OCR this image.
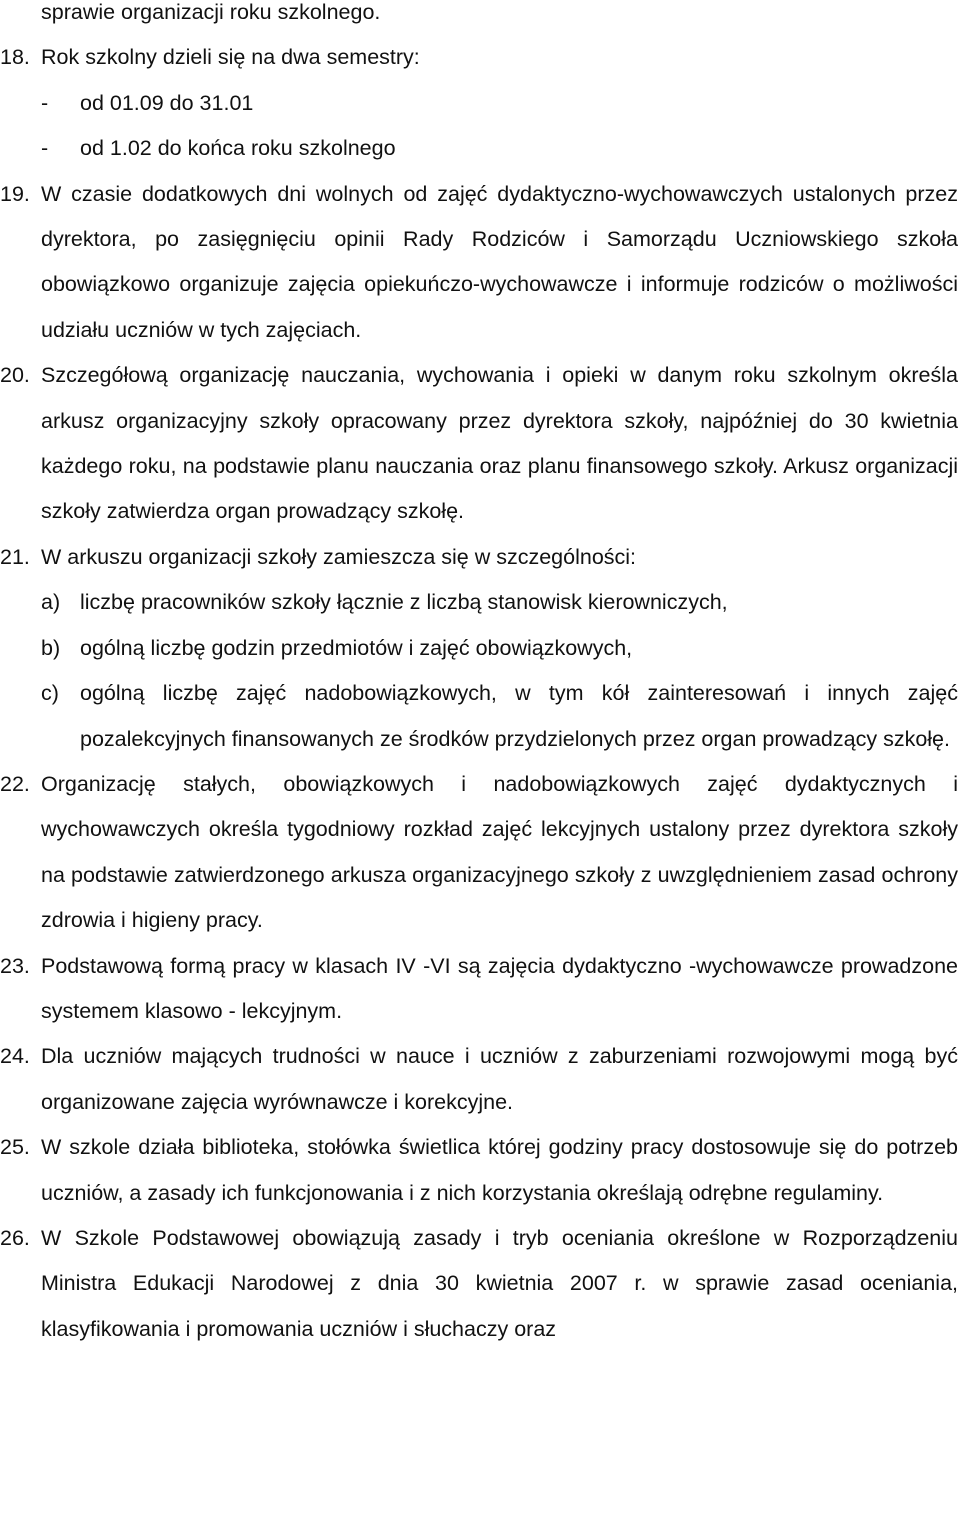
sprawie organizacji roku szkolnego.
18. Rok szkolny dzieli się na dwa semestry:
- od 01.09 do 31.01
- od 1.02 do końca roku szkolnego
19. W czasie dodatkowych dni wolnych od zajęć dydaktyczno-wychowawczych ustalonych przez dyrektora, po zasięgnięciu opinii Rady Rodziców i Samorządu Uczniowskiego szkoła obowiązkowo organizuje zajęcia opiekuńczo-wychowawcze i informuje rodziców o możliwości udziału uczniów w tych zajęciach.
20. Szczegółową organizację nauczania, wychowania i opieki w danym roku szkolnym określa arkusz organizacyjny szkoły opracowany przez dyrektora szkoły, najpóźniej do 30 kwietnia każdego roku, na podstawie planu nauczania oraz planu finansowego szkoły. Arkusz organizacji szkoły zatwierdza organ prowadzący szkołę.
21. W arkuszu organizacji szkoły zamieszcza się w szczególności:
a) liczbę pracowników szkoły łącznie z liczbą stanowisk kierowniczych,
b) ogólną liczbę godzin przedmiotów i zajęć obowiązkowych,
c) ogólną liczbę zajęć nadobowiązkowych, w tym kół zainteresowań i innych zajęć pozalekcyjnych finansowanych ze środków przydzielonych przez organ prowadzący szkołę.
22. Organizację stałych, obowiązkowych i nadobowiązkowych zajęć dydaktycznych i wychowawczych określa tygodniowy rozkład zajęć lekcyjnych ustalony przez dyrektora szkoły na podstawie zatwierdzonego arkusza organizacyjnego szkoły z uwzględnieniem zasad ochrony zdrowia i higieny pracy.
23. Podstawową formą pracy w klasach IV -VI są zajęcia dydaktyczno -wychowawcze prowadzone systemem klasowo - lekcyjnym.
24. Dla uczniów mających trudności w nauce i uczniów z zaburzeniami rozwojowymi mogą być organizowane zajęcia wyrównawcze i korekcyjne.
25. W szkole działa biblioteka, stołówka świetlica której godziny pracy dostosowuje się do potrzeb uczniów, a zasady ich funkcjonowania i z nich korzystania określają odrębne regulaminy.
26. W Szkole Podstawowej obowiązują zasady i tryb oceniania określone w Rozporządzeniu Ministra Edukacji Narodowej z dnia 30 kwietnia 2007 r. w sprawie zasad oceniania, klasyfikowania i promowania uczniów i słuchaczy oraz
